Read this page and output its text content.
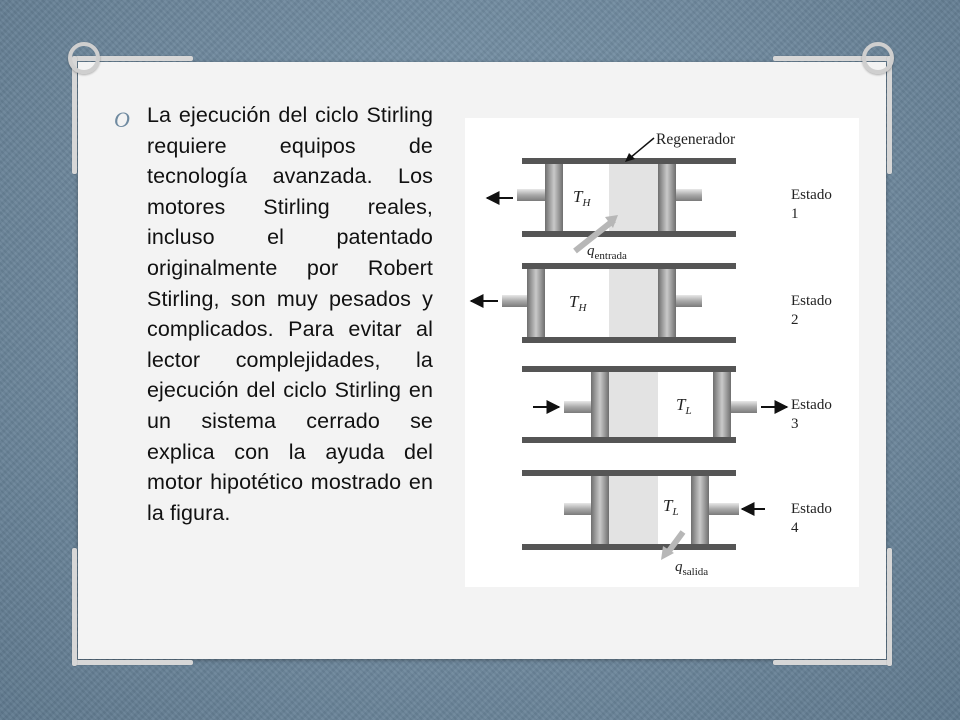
O La ejecución del ciclo Stirling requiere equipos de tecnología avanzada. Los motores Stirling reales, incluso el patentado originalmente por Robert Stirling, son muy pesados y complicados. Para evitar al lector complejidades, la ejecución del ciclo Stirling en un sistema cerrado se explica con la ayuda del motor hipotético mostrado en la figura.

$T_H$	Estado
1
$q_{entrada}$
Regenerador
$T_H$	Estado
2
$T_L$	Estado
3
$T_L$	Estado
4
$q_{salida}$
